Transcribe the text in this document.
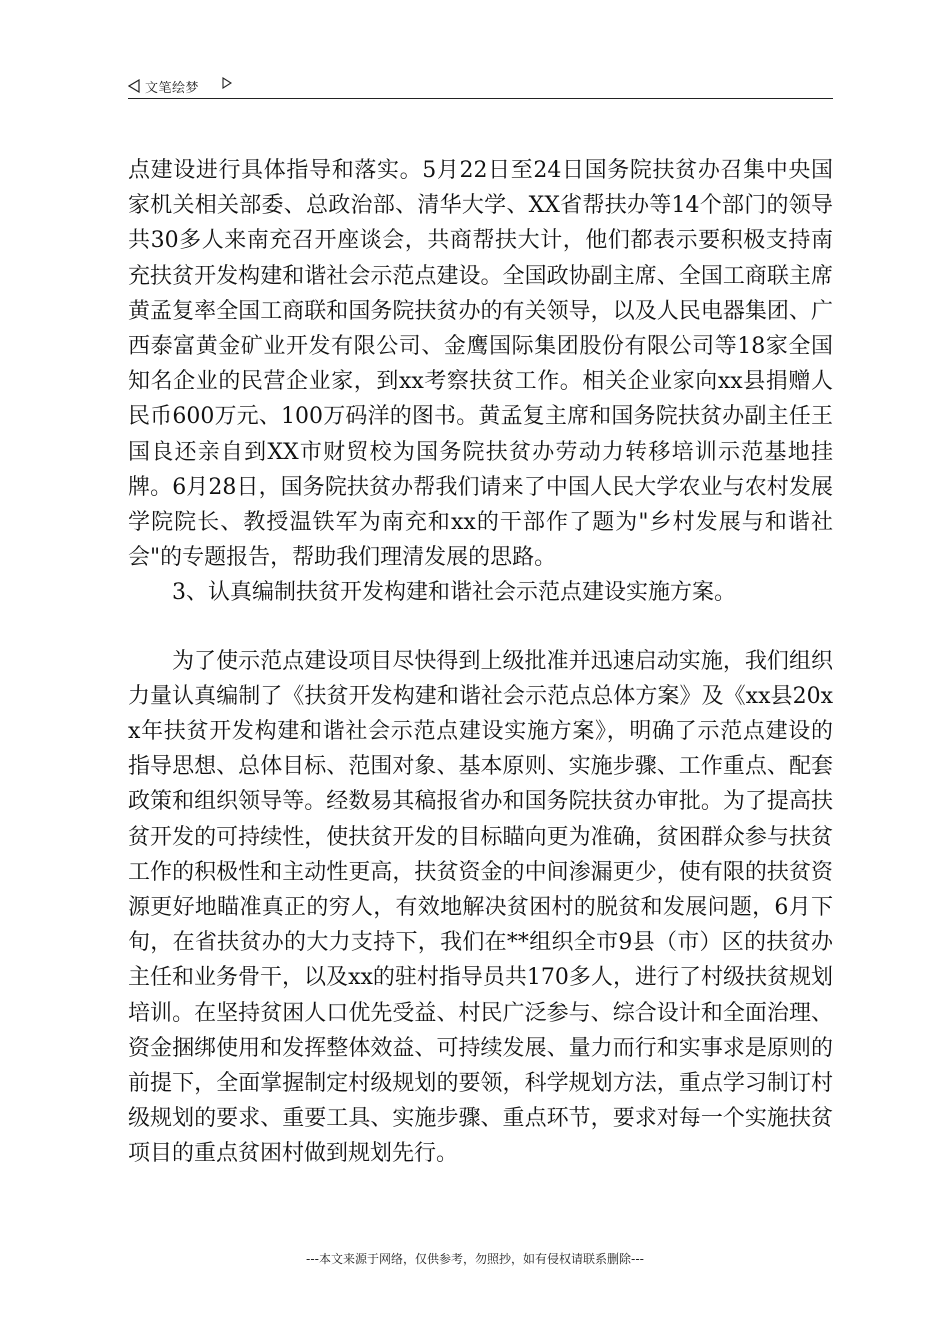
文笔绘梦

点建设进行具体指导和落实。5月22日至24日国务院扶贫办召集中央国家机关相关部委、总政治部、清华大学、XX省帮扶办等14个部门的领导共30多人来南充召开座谈会，共商帮扶大计，他们都表示要积极支持南充扶贫开发构建和谐社会示范点建设。全国政协副主席、全国工商联主席黄孟复率全国工商联和国务院扶贫办的有关领导，以及人民电器集团、广西泰富黄金矿业开发有限公司、金鹰国际集团股份有限公司等18家全国知名企业的民营企业家，到xx考察扶贫工作。相关企业家向xx县捐赠人民币600万元、100万码洋的图书。黄孟复主席和国务院扶贫办副主任王国良还亲自到XX市财贸校为国务院扶贫办劳动力转移培训示范基地挂牌。6月28日，国务院扶贫办帮我们请来了中国人民大学农业与农村发展学院院长、教授温铁军为南充和xx的干部作了题为"乡村发展与和谐社会"的专题报告，帮助我们理清发展的思路。

3、认真编制扶贫开发构建和谐社会示范点建设实施方案。

为了使示范点建设项目尽快得到上级批准并迅速启动实施，我们组织力量认真编制了《扶贫开发构建和谐社会示范点总体方案》及《xx县20xx年扶贫开发构建和谐社会示范点建设实施方案》，明确了示范点建设的指导思想、总体目标、范围对象、基本原则、实施步骤、工作重点、配套政策和组织领导等。经数易其稿报省办和国务院扶贫办审批。为了提高扶贫开发的可持续性，使扶贫开发的目标瞄向更为准确，贫困群众参与扶贫工作的积极性和主动性更高，扶贫资金的中间渗漏更少，使有限的扶贫资源更好地瞄准真正的穷人，有效地解决贫困村的脱贫和发展问题，6月下旬，在省扶贫办的大力支持下，我们在**组织全市9县（市）区的扶贫办主任和业务骨干，以及xx的驻村指导员共170多人，进行了村级扶贫规划培训。在坚持贫困人口优先受益、村民广泛参与、综合设计和全面治理、资金捆绑使用和发挥整体效益、可持续发展、量力而行和实事求是原则的前提下，全面掌握制定村级规划的要领，科学规划方法，重点学习制订村级规划的要求、重要工具、实施步骤、重点环节，要求对每一个实施扶贫项目的重点贫困村做到规划先行。

---本文来源于网络，仅供参考，勿照抄，如有侵权请联系删除---
